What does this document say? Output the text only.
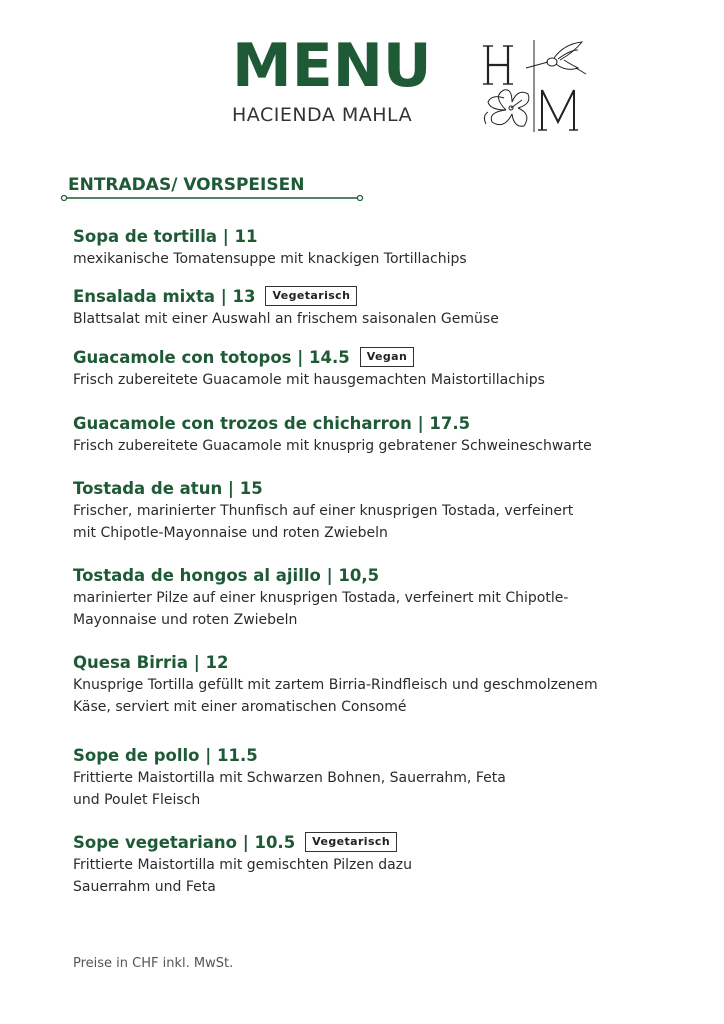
MENU
HACIENDA MAHLA
ENTRADAS/ VORSPEISEN
Sopa de tortilla | 11
mexikanische Tomatensuppe mit knackigen Tortillachips
Ensalada mixta | 13	Vegetarisch
Blattsalat mit einer Auswahl an frischem saisonalen Gemüse
Guacamole con totopos | 14.5	Vegan
Frisch zubereitete Guacamole mit hausgemachten Maistortillachips
Guacamole con trozos de chicharron | 17.5
Frisch zubereitete Guacamole mit knusprig gebratener Schweineschwarte
Tostada de atun | 15
Frischer, marinierter Thunfisch auf einer knusprigen Tostada, verfeinert
mit Chipotle-Mayonnaise und roten Zwiebeln
Tostada de hongos al ajillo | 10,5
marinierter Pilze auf einer knusprigen Tostada, verfeinert mit Chipotle-
Mayonnaise und roten Zwiebeln
Quesa Birria | 12
Knusprige Tortilla gefüllt mit zartem Birria-Rindfleisch und geschmolzenem
Käse, serviert mit einer aromatischen Consomé
Sope de pollo | 11.5
Frittierte Maistortilla mit Schwarzen Bohnen, Sauerrahm, Feta
und Poulet Fleisch
Sope vegetariano | 10.5	Vegetarisch
Frittierte Maistortilla mit gemischten Pilzen dazu
Sauerrahm und Feta
Preise in CHF inkl. MwSt.
